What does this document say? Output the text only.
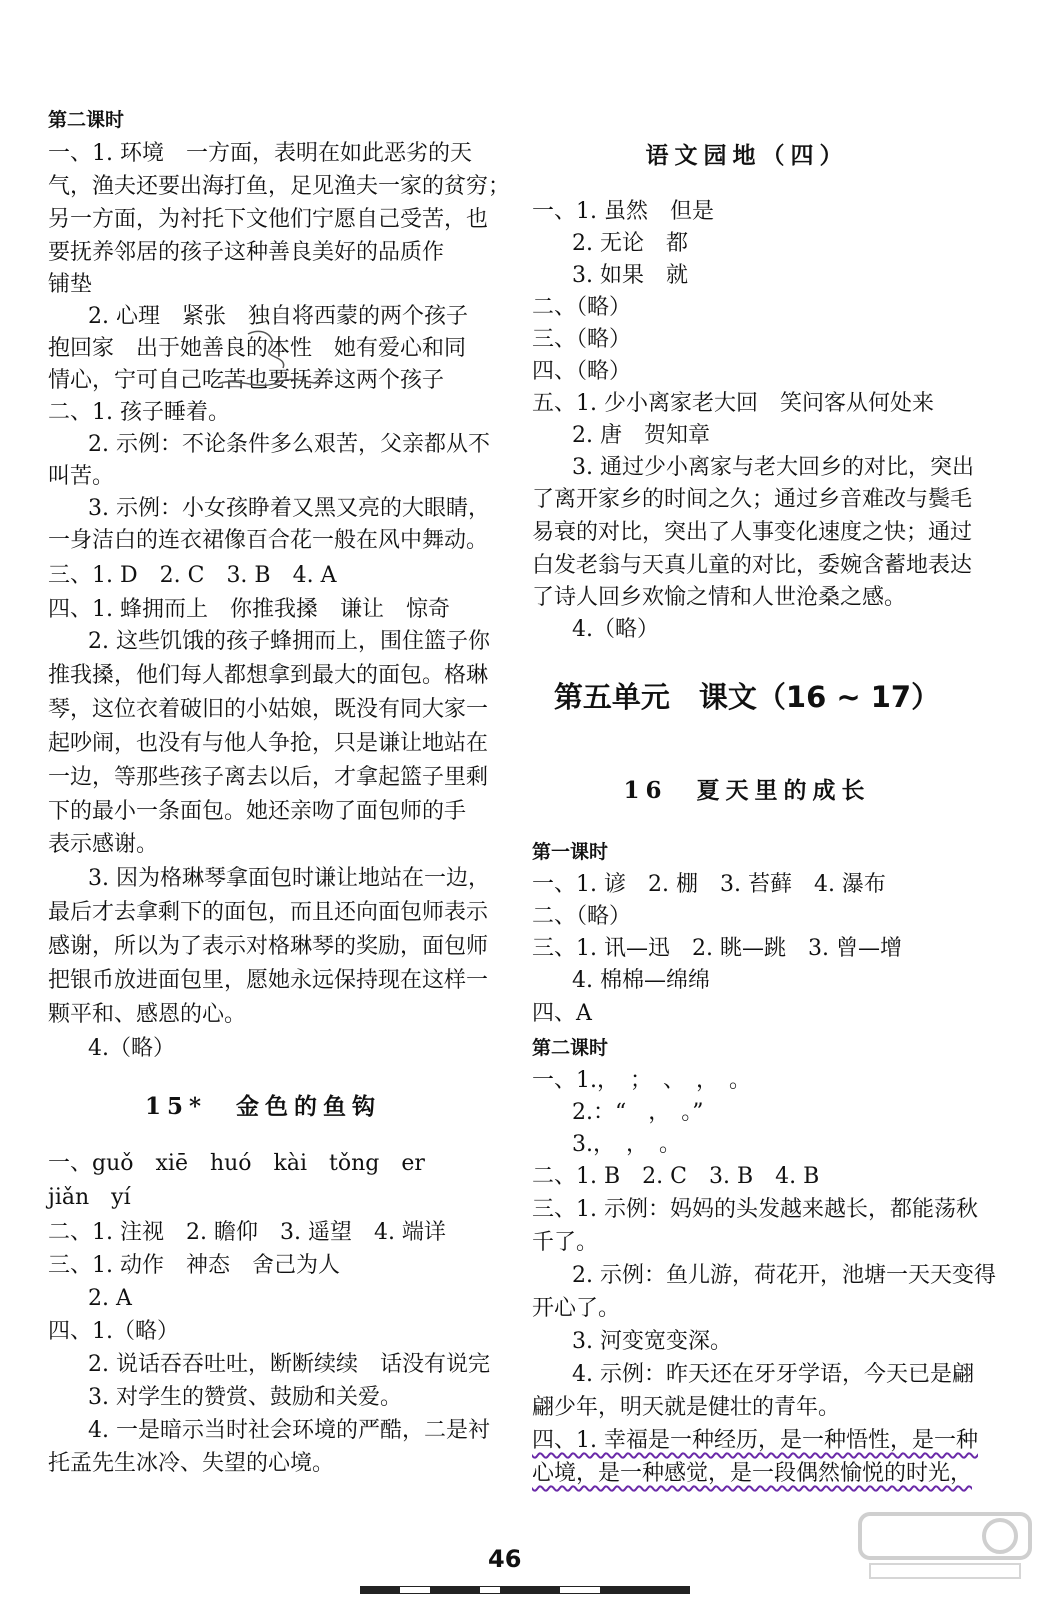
第二课时
一、1. 环境　一方面，表明在如此恶劣的天
气，渔夫还要出海打鱼，足见渔夫一家的贫穷；
另一方面，为衬托下文他们宁愿自己受苦，也
要抚养邻居的孩子这种善良美好的品质作
铺垫
2. 心理　紧张　独自将西蒙的两个孩子
抱回家　出于她善良的本性　她有爱心和同
情心，宁可自己吃苦也要抚养这两个孩子
二、1. 孩子睡着。
2. 示例：不论条件多么艰苦，父亲都从不
叫苦。
3. 示例：小女孩睁着又黑又亮的大眼睛，
一身洁白的连衣裙像百合花一般在风中舞动。
三、1. D　2. C　3. B　4. A
四、1. 蜂拥而上　你推我搡　谦让　惊奇
2. 这些饥饿的孩子蜂拥而上，围住篮子你
推我搡，他们每人都想拿到最大的面包。格琳
琴，这位衣着破旧的小姑娘，既没有同大家一
起吵闹，也没有与他人争抢，只是谦让地站在
一边，等那些孩子离去以后，才拿起篮子里剩
下的最小一条面包。她还亲吻了面包师的手
表示感谢。
3. 因为格琳琴拿面包时谦让地站在一边，
最后才去拿剩下的面包，而且还向面包师表示
感谢，所以为了表示对格琳琴的奖励，面包师
把银币放进面包里，愿她永远保持现在这样一
颗平和、感恩的心。
4.（略）
15*　金色的鱼钩
一、guǒ　xiē　huó　kài　tǒng　er
jiǎn　yí
二、1. 注视　2. 瞻仰　3. 遥望　4. 端详
三、1. 动作　神态　舍己为人
2. A
四、1.（略）
2. 说话吞吞吐吐，断断续续　话没有说完
3. 对学生的赞赏、鼓励和关爱。
4. 一是暗示当时社会环境的严酷，二是衬
托孟先生冰冷、失望的心境。
语文园地（四）
一、1. 虽然　但是
2. 无论　都
3. 如果　就
二、（略）
三、（略）
四、（略）
五、1. 少小离家老大回　笑问客从何处来
2. 唐　贺知章
3. 通过少小离家与老大回乡的对比，突出
了离开家乡的时间之久；通过乡音难改与鬓毛
易衰的对比，突出了人事变化速度之快；通过
白发老翁与天真儿童的对比，委婉含蓄地表达
了诗人回乡欢愉之情和人世沧桑之感。
4.（略）
第五单元　课文（16 ~ 17）
16　夏天里的成长
第一课时
一、1. 谚　2. 棚　3. 苔藓　4. 瀑布
二、（略）
三、1. 讯—迅　2. 眺—跳　3. 曾—增
4. 棉棉—绵绵
四、A
第二课时
一、1.，　；　、　，　。
2.：“　，　。”
3.，　，　。
二、1. B　2. C　3. B　4. B
三、1. 示例：妈妈的头发越来越长，都能荡秋
千了。
2. 示例：鱼儿游，荷花开，池塘一天天变得
开心了。
3. 河变宽变深。
4. 示例：昨天还在牙牙学语，今天已是翩
翩少年，明天就是健壮的青年。
四、1. 幸福是一种经历，是一种悟性，是一种
心境，是一种感觉，是一段偶然愉悦的时光，
46
